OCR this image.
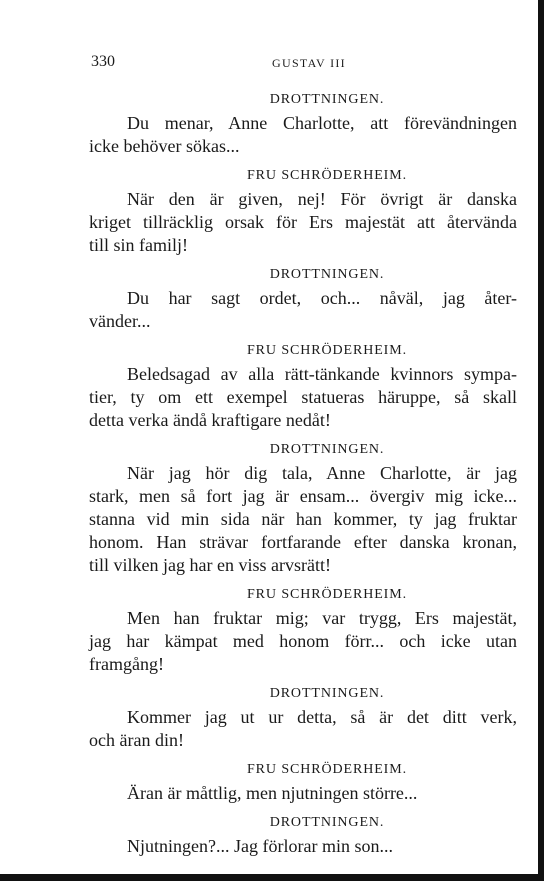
330	GUSTAV III
DROTTNINGEN.
Du menar, Anne Charlotte, att förevändningen
icke behöver sökas...
FRU SCHRÖDERHEIM.
När den är given, nej! För övrigt är danska
kriget tillräcklig orsak för Ers majestät att återvända
till sin familj!
DROTTNINGEN.
Du har sagt ordet, och... nåväl, jag åter-
vänder...
FRU SCHRÖDERHEIM.
Beledsagad av alla rätt-tänkande kvinnors sympa-
tier, ty om ett exempel statueras häruppe, så skall
detta verka ändå kraftigare nedåt!
DROTTNINGEN.
När jag hör dig tala, Anne Charlotte, är jag
stark, men så fort jag är ensam... övergiv mig icke...
stanna vid min sida när han kommer, ty jag fruktar
honom. Han strävar fortfarande efter danska kronan,
till vilken jag har en viss arvsrätt!
FRU SCHRÖDERHEIM.
Men han fruktar mig; var trygg, Ers majestät,
jag har kämpat med honom förr... och icke utan
framgång!
DROTTNINGEN.
Kommer jag ut ur detta, så är det ditt verk,
och äran din!
FRU SCHRÖDERHEIM.
Äran är måttlig, men njutningen större...
DROTTNINGEN.
Njutningen?... Jag förlorar min son...
